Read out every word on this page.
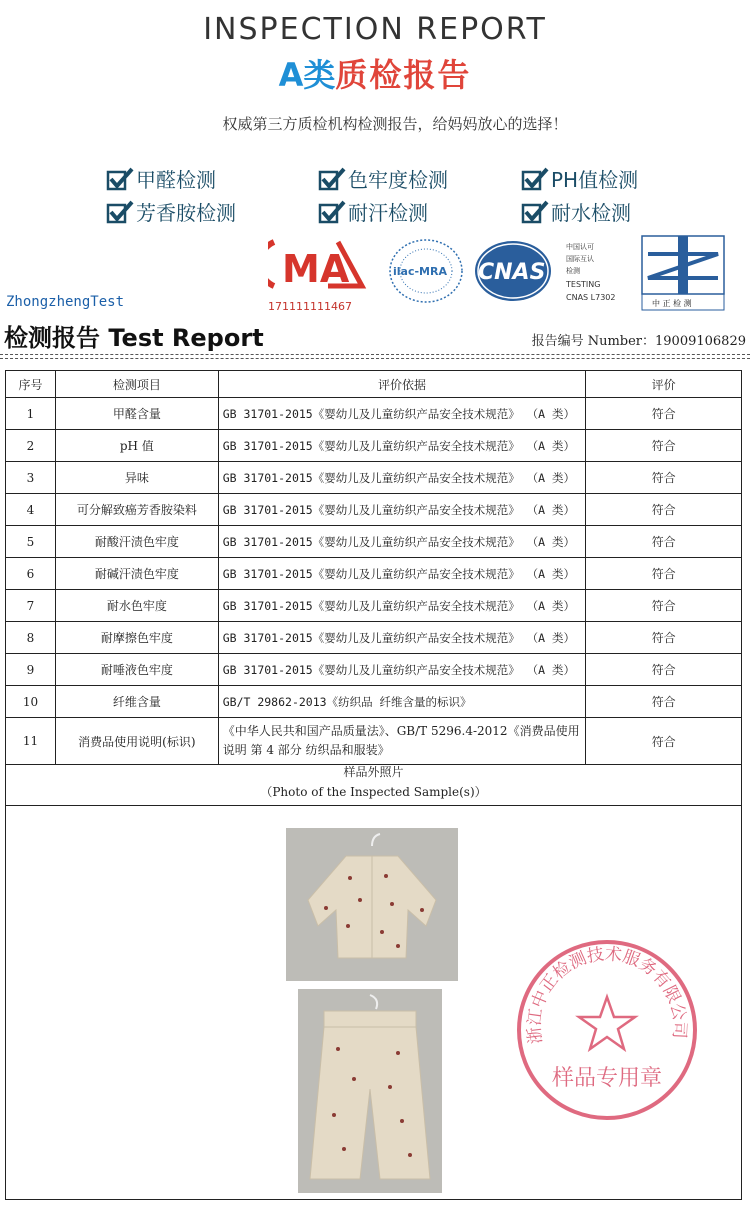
INSPECTION REPORT
A类质检报告
权威第三方质检机构检测报告，给妈妈放心的选择！
甲醛检测	色牢度检测	PH值检测
芳香胺检测	耐汗检测	耐水检测
MA
171111111467
ilac-MRA CNAS
中国认可
国际互认
检测
TESTING
CNAS L7302
中 正 检 测
ZhongzhengTest
检测报告 Test Report	报告编号 Number：19009106829
序号	检测项目	评价依据	评价
1	甲醛含量	GB 31701-2015《婴幼儿及儿童纺织产品安全技术规范》 （A 类）	符合
2	pH 值	GB 31701-2015《婴幼儿及儿童纺织产品安全技术规范》 （A 类）	符合
3	异味	GB 31701-2015《婴幼儿及儿童纺织产品安全技术规范》 （A 类）	符合
4	可分解致癌芳香胺染料	GB 31701-2015《婴幼儿及儿童纺织产品安全技术规范》 （A 类）	符合
5	耐酸汗渍色牢度	GB 31701-2015《婴幼儿及儿童纺织产品安全技术规范》 （A 类）	符合
6	耐碱汗渍色牢度	GB 31701-2015《婴幼儿及儿童纺织产品安全技术规范》 （A 类）	符合
7	耐水色牢度	GB 31701-2015《婴幼儿及儿童纺织产品安全技术规范》 （A 类）	符合
8	耐摩擦色牢度	GB 31701-2015《婴幼儿及儿童纺织产品安全技术规范》 （A 类）	符合
9	耐唾液色牢度	GB 31701-2015《婴幼儿及儿童纺织产品安全技术规范》 （A 类）	符合
10	纤维含量	GB/T 29862-2013《纺织品 纤维含量的标识》	符合
11	消费品使用说明(标识)	《中华人民共和国产品质量法》、GB/T 5296.4-2012《消费品使用说明 第 4 部分 纺织品和服装》	符合
样品外照片
（Photo of the Inspected Sample(s)）
浙江中正检测技术服务有限公司
样品专用章
